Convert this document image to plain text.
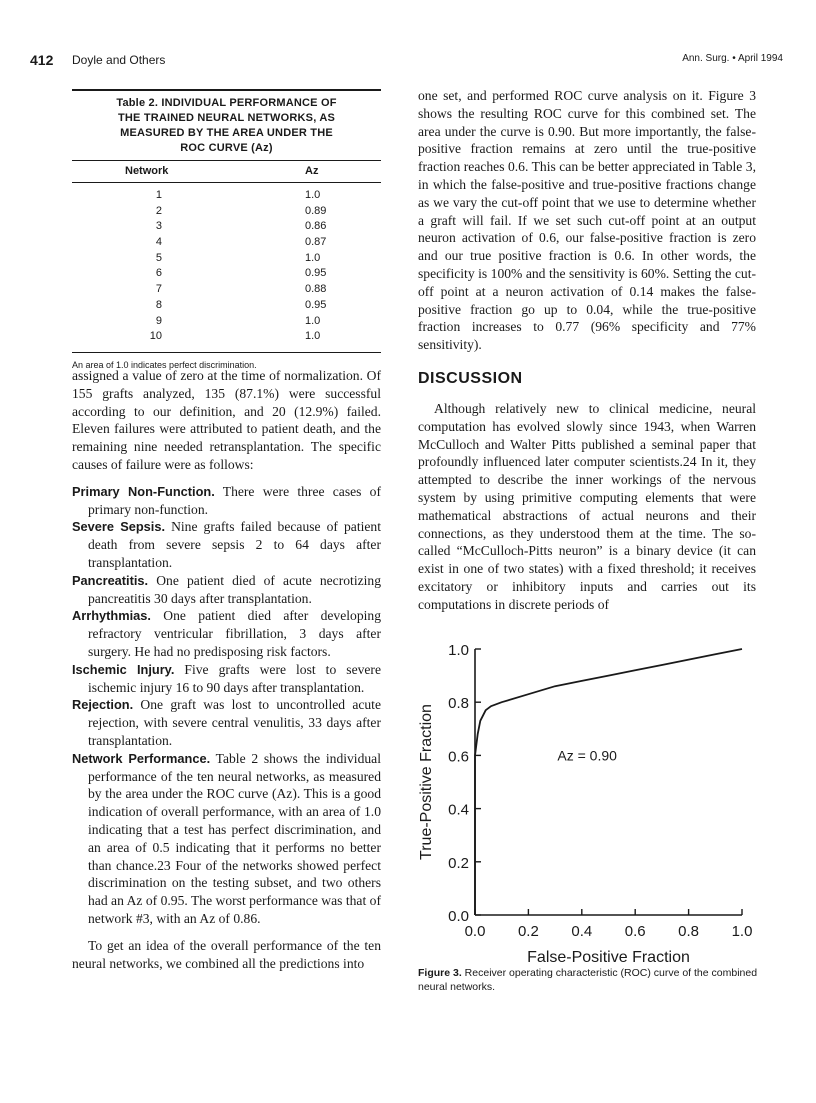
412 Doyle and Others	Ann. Surg. • April 1994
Table 2. INDIVIDUAL PERFORMANCE OF
THE TRAINED NEURAL NETWORKS, AS
MEASURED BY THE AREA UNDER THE
ROC CURVE (Az)
Network	Az
1	1.0
2	0.89
3	0.86
4	0.87
5	1.0
6	0.95
7	0.88
8	0.95
9	1.0
10	1.0
An area of 1.0 indicates perfect discrimination.

assigned a value of zero at the time of normalization. Of 155 grafts analyzed, 135 (87.1%) were successful according to our definition, and 20 (12.9%) failed. Eleven failures were attributed to patient death, and the remaining nine needed retransplantation. The specific causes of failure were as follows:

Primary Non-Function. There were three cases of primary non-function.

Severe Sepsis. Nine grafts failed because of patient death from severe sepsis 2 to 64 days after transplantation.

Pancreatitis. One patient died of acute necrotizing pancreatitis 30 days after transplantation.

Arrhythmias. One patient died after developing refractory ventricular fibrillation, 3 days after surgery. He had no predisposing risk factors.

Ischemic Injury. Five grafts were lost to severe ischemic injury 16 to 90 days after transplantation.

Rejection. One graft was lost to uncontrolled acute rejection, with severe central venulitis, 33 days after transplantation.

Network Performance. Table 2 shows the individual performance of the ten neural networks, as measured by the area under the ROC curve (Az). This is a good indication of overall performance, with an area of 1.0 indicating that a test has perfect discrimination, and an area of 0.5 indicating that it performs no better than chance.23 Four of the networks showed perfect discrimination on the testing subset, and two others had an Az of 0.95. The worst performance was that of network #3, with an Az of 0.86.

To get an idea of the overall performance of the ten neural networks, we combined all the predictions into

one set, and performed ROC curve analysis on it. Figure 3 shows the resulting ROC curve for this combined set. The area under the curve is 0.90. But more importantly, the false-positive fraction remains at zero until the true-positive fraction reaches 0.6. This can be better appreciated in Table 3, in which the false-positive and true-positive fractions change as we vary the cut-off point that we use to determine whether a graft will fail. If we set such cut-off point at an output neuron activation of 0.6, our false-positive fraction is zero and our true positive fraction is 0.6. In other words, the specificity is 100% and the sensitivity is 60%. Setting the cut-off point at a neuron activation of 0.14 makes the false-positive fraction go up to 0.04, while the true-positive fraction increases to 0.77 (96% specificity and 77% sensitivity).

DISCUSSION

Although relatively new to clinical medicine, neural computation has evolved slowly since 1943, when Warren McCulloch and Walter Pitts published a seminal paper that profoundly influenced later computer scientists.24 In it, they attempted to describe the inner workings of the nervous system by using primitive computing elements that were mathematical abstractions of actual neurons and their connections, as they understood them at the time. The so-called “McCulloch-Pitts neuron” is a binary device (it can exist in one of two states) with a fixed threshold; it receives excitatory or inhibitory inputs and carries out its computations in discrete periods of

0.0 0.2 0.4 0.6 0.8 1.0
0.0
0.2
0.4
0.6
0.8
1.0
False-Positive Fraction
True-Positive Fraction	Az = 0.90
Figure 3. Receiver operating characteristic (ROC) curve of the combined neural networks.
